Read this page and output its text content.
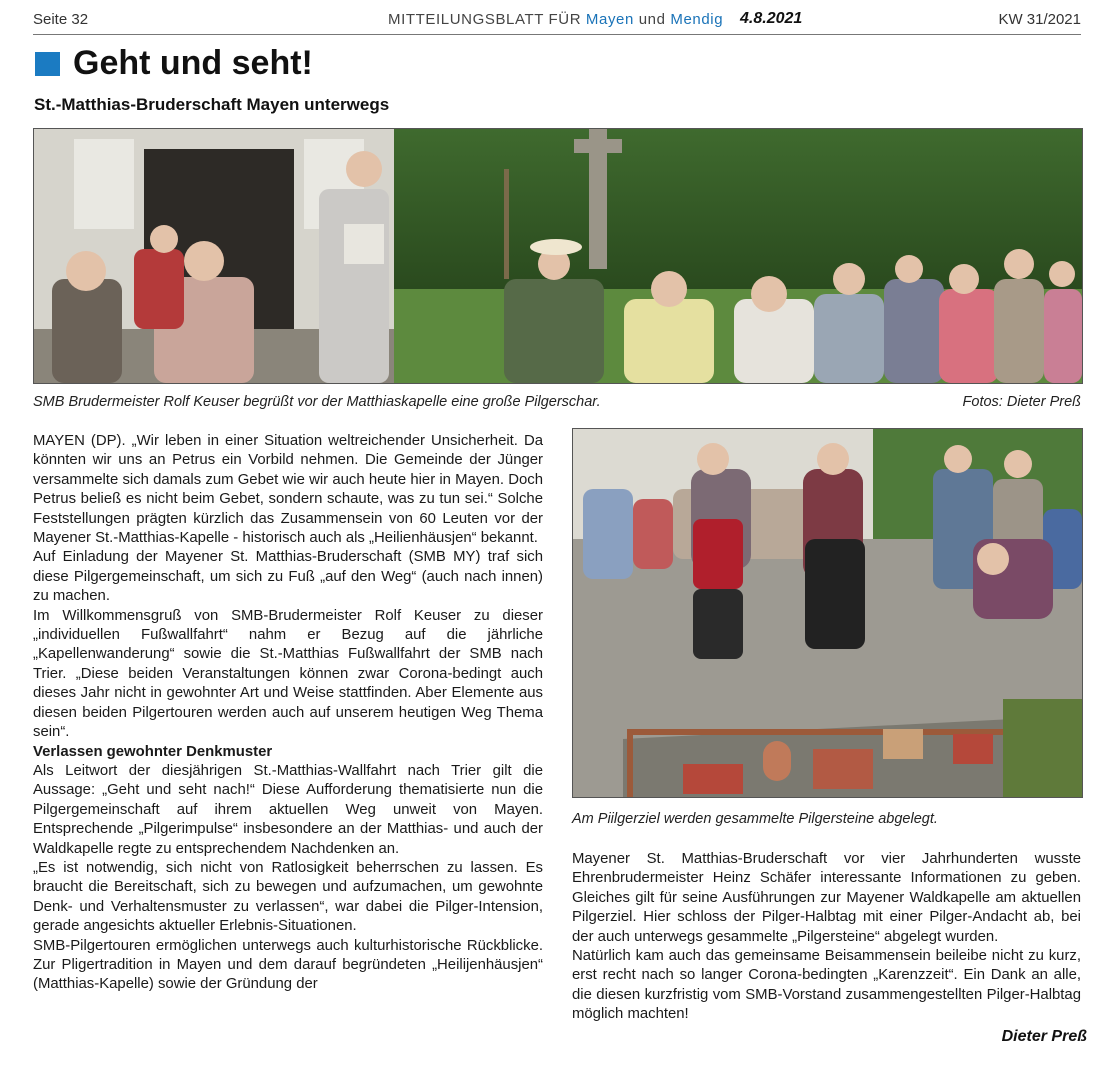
Seite 32	MITTEILUNGSBLATT FÜR Mayen und Mendig 4.8.2021	KW 31/2021
Geht und seht!
St.-Matthias-Bruderschaft Mayen unterwegs
SMB Brudermeister Rolf Keuser begrüßt vor der Matthiaskapelle eine große Pilgerschar.	Fotos: Dieter Preß

MAYEN (DP). „Wir leben in einer Situation weltreichender Unsicherheit. Da könnten wir uns an Petrus ein Vorbild nehmen. Die Gemeinde der Jünger versammelte sich damals zum Gebet wie wir auch heute hier in Mayen. Doch Petrus beließ es nicht beim Gebet, sondern schaute, was zu tun sei.“ Solche Feststellungen prägten kürzlich das Zusammensein von 60 Leuten vor der Mayener St.-Matthias-Kapelle - historisch auch als „Heilienhäusjen“ bekannt.

Auf Einladung der Mayener St. Matthias-Bruderschaft (SMB MY) traf sich diese Pilgergemeinschaft, um sich zu Fuß „auf den Weg“ (auch nach innen) zu machen.

Im Willkommensgruß von SMB-Brudermeister Rolf Keuser zu dieser „individuellen Fußwallfahrt“ nahm er Bezug auf die jährliche „Kapellenwanderung“ sowie die St.-Matthias Fußwallfahrt der SMB nach Trier. „Diese beiden Veranstaltungen können zwar Corona-bedingt auch dieses Jahr nicht in gewohnter Art und Weise stattfinden. Aber Elemente aus diesen beiden Pilgertouren werden auch auf unserem heutigen Weg Thema sein“.

Verlassen gewohnter Denkmuster

Als Leitwort der diesjährigen St.-Matthias-Wallfahrt nach Trier gilt die Aussage: „Geht und seht nach!“ Diese Aufforderung thematisierte nun die Pilgergemeinschaft auf ihrem aktuellen Weg unweit von Mayen. Entsprechende „Pilgerimpulse“ insbesondere an der Matthias- und auch der Waldkapelle regte zu entsprechendem Nachdenken an.

„Es ist notwendig, sich nicht von Ratlosigkeit beherrschen zu lassen. Es braucht die Bereitschaft, sich zu bewegen und aufzumachen, um gewohnte Denk- und Verhaltensmuster zu verlassen“, war dabei die Pilger-Intension, gerade angesichts aktueller Erlebnis-Situationen.

SMB-Pilgertouren ermöglichen unterwegs auch kulturhistorische Rückblicke. Zur Pligertradition in Mayen und dem darauf begründeten „Heilijenhäusjen“ (Matthias-Kapelle) sowie der Gründung der

Am Piilgerziel werden gesammelte Pilgersteine abgelegt.

Mayener St. Matthias-Bruderschaft vor vier Jahrhunderten wusste Ehrenbrudermeister Heinz Schäfer interessante Informationen zu geben. Gleiches gilt für seine Ausführungen zur Mayener Waldkapelle am aktuellen Pilgerziel. Hier schloss der Pilger-Halbtag mit einer Pilger-Andacht ab, bei der auch unterwegs gesammelte „Pilgersteine“ abgelegt wurden.

Natürlich kam auch das gemeinsame Beisammensein beileibe nicht zu kurz, erst recht nach so langer Corona-bedingten „Karenzzeit“. Ein Dank an alle, die diesen kurzfristig vom SMB-Vorstand zusammengestellten Pilger-Halbtag möglich machten!

Dieter Preß
